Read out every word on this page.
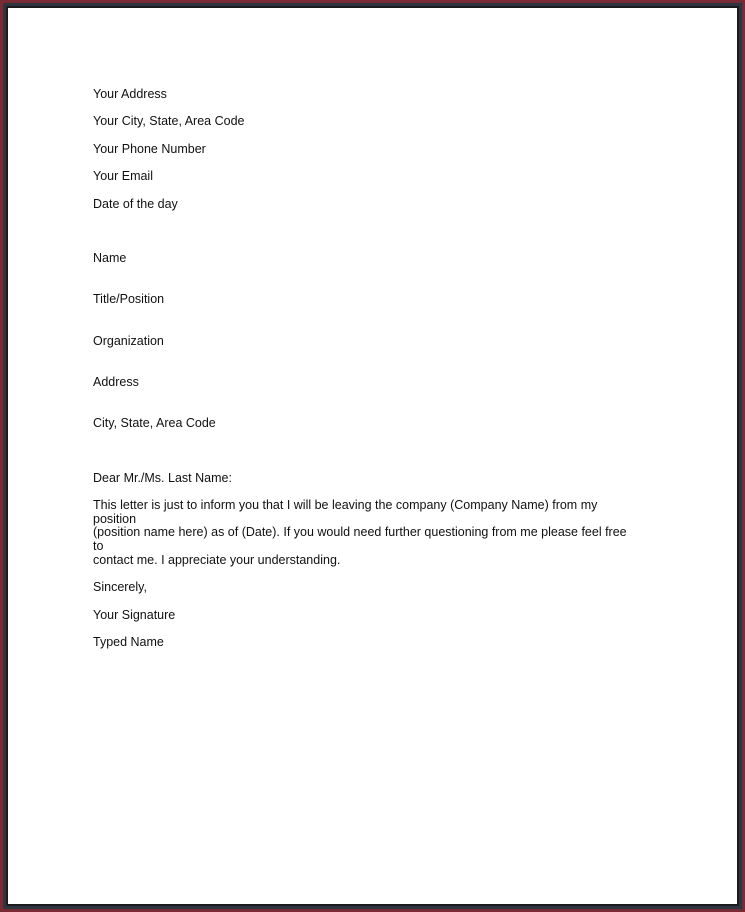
Your Address
Your City, State, Area Code
Your Phone Number
Your Email
Date of the day

Name

Title/Position

Organization

Address

City, State, Area Code

Dear Mr./Ms. Last Name:
This letter is just to inform you that I will be leaving the company (Company Name) from my position
(position name here) as of (Date). If you would need further questioning from me please feel free to
contact me. I appreciate your understanding.
Sincerely,
Your Signature
Typed Name
